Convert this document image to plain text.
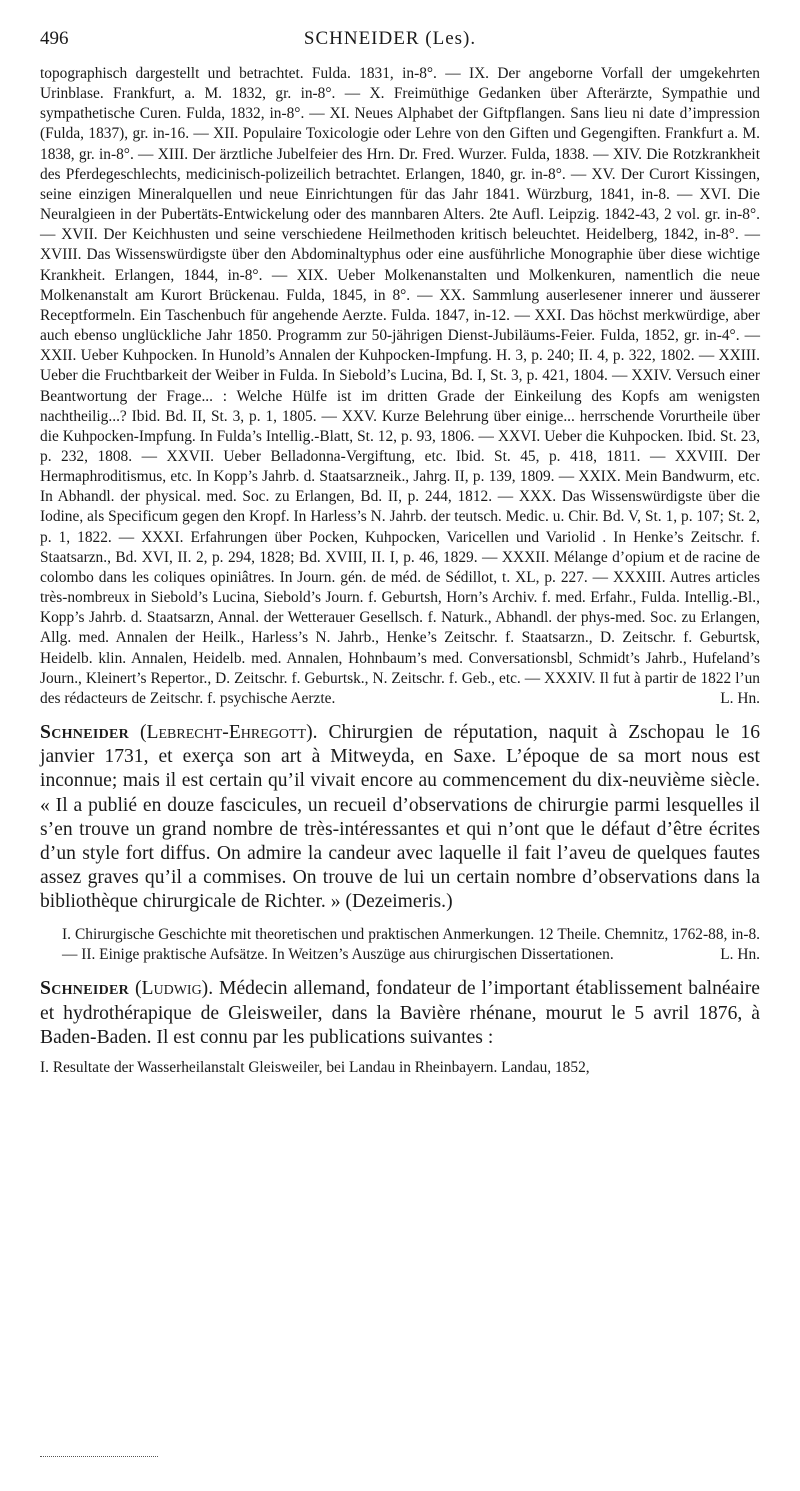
496	SCHNEIDER (Les).

topographisch dargestellt und betrachtet. Fulda. 1831, in-8°. — IX. Der angeborne Vorfall der umgekehrten Urinblase. Frankfurt, a. M. 1832, gr. in-8°. — X. Freimüthige Gedanken über Afterärzte, Sympathie und sympathetische Curen. Fulda, 1832, in-8°. — XI. Neues Alphabet der Giftpflangen. Sans lieu ni date d’impression (Fulda, 1837), gr. in-16. — XII. Populaire Toxicologie oder Lehre von den Giften und Gegengiften. Frankfurt a. M. 1838, gr. in-8°. — XIII. Der ärztliche Jubelfeier des Hrn. Dr. Fred. Wurzer. Fulda, 1838. — XIV. Die Rotzkrankheit des Pferdegeschlechts, medicinisch-polizeilich betrachtet. Erlangen, 1840, gr. in-8°. — XV. Der Curort Kissingen, seine einzigen Mineralquellen und neue Einrichtungen für das Jahr 1841. Würzburg, 1841, in-8. — XVI. Die Neuralgieen in der Pubertäts-Entwickelung oder des mannbaren Alters. 2te Aufl. Leipzig. 1842-43, 2 vol. gr. in-8°. — XVII. Der Keichhusten und seine verschiedene Heilmethoden kritisch beleuchtet. Heidelberg, 1842, in-8°. — XVIII. Das Wissenswürdigste über den Abdominaltyphus oder eine ausführliche Monographie über diese wichtige Krankheit. Erlangen, 1844, in-8°. — XIX. Ueber Molkenanstalten und Molkenkuren, namentlich die neue Molkenanstalt am Kurort Brückenau. Fulda, 1845, in 8°. — XX. Sammlung auserlesener innerer und äusserer Receptformeln. Ein Taschenbuch für angehende Aerzte. Fulda. 1847, in-12. — XXI. Das höchst merkwürdige, aber auch ebenso unglückliche Jahr 1850. Programm zur 50-jährigen Dienst-Jubiläums-Feier. Fulda, 1852, gr. in-4°. — XXII. Ueber Kuhpocken. In Hunold’s Annalen der Kuhpocken-Impfung. H. 3, p. 240; II. 4, p. 322, 1802. — XXIII. Ueber die Fruchtbarkeit der Weiber in Fulda. In Siebold’s Lucina, Bd. I, St. 3, p. 421, 1804. — XXIV. Versuch einer Beantwortung der Frage... : Welche Hülfe ist im dritten Grade der Einkeilung des Kopfs am wenigsten nachtheilig...? Ibid. Bd. II, St. 3, p. 1, 1805. — XXV. Kurze Belehrung über einige... herrschende Vorurtheile über die Kuhpocken-Impfung. In Fulda’s Intellig.-Blatt, St. 12, p. 93, 1806. — XXVI. Ueber die Kuhpocken. Ibid. St. 23, p. 232, 1808. — XXVII. Ueber Belladonna-Vergiftung, etc. Ibid. St. 45, p. 418, 1811. — XXVIII. Der Hermaphroditismus, etc. In Kopp’s Jahrb. d. Staatsarzneik., Jahrg. II, p. 139, 1809. — XXIX. Mein Bandwurm, etc. In Abhandl. der physical. med. Soc. zu Erlangen, Bd. II, p. 244, 1812. — XXX. Das Wissenswürdigste über die Iodine, als Specificum gegen den Kropf. In Harless’s N. Jahrb. der teutsch. Medic. u. Chir. Bd. V, St. 1, p. 107; St. 2, p. 1, 1822. — XXXI. Erfahrungen über Pocken, Kuhpocken, Varicellen und Variolid . In Henke’s Zeitschr. f. Staatsarzn., Bd. XVI, II. 2, p. 294, 1828; Bd. XVIII, II. I, p. 46, 1829. — XXXII. Mélange d’opium et de racine de colombo dans les coliques opiniâtres. In Journ. gén. de méd. de Sédillot, t. XL, p. 227. — XXXIII. Autres articles très-nombreux in Siebold’s Lucina, Siebold’s Journ. f. Geburtsh, Horn’s Archiv. f. med. Erfahr., Fulda. Intellig.-Bl., Kopp’s Jahrb. d. Staatsarzn, Annal. der Wetterauer Gesellsch. f. Naturk., Abhandl. der phys-med. Soc. zu Erlangen, Allg. med. Annalen der Heilk., Harless’s N. Jahrb., Henke’s Zeitschr. f. Staatsarzn., D. Zeitschr. f. Geburtsk, Heidelb. klin. Annalen, Heidelb. med. Annalen, Hohnbaum’s med. Conversationsbl, Schmidt’s Jahrb., Hufeland’s Journ., Kleinert’s Repertor., D. Zeitschr. f. Geburtsk., N. Zeitschr. f. Geb., etc. — XXXIV. Il fut à partir de 1822 l’un des rédacteurs de Zeitschr. f. psychische Aerzte.	L. Hn.

Schneider (Lebrecht-Ehregott). Chirurgien de réputation, naquit à Zschopau le 16 janvier 1731, et exerça son art à Mitweyda, en Saxe. L’époque de sa mort nous est inconnue; mais il est certain qu’il vivait encore au commencement du dix-neuvième siècle. « Il a publié en douze fascicules, un recueil d’observations de chirurgie parmi lesquelles il s’en trouve un grand nombre de très-intéressantes et qui n’ont que le défaut d’être écrites d’un style fort diffus. On admire la candeur avec laquelle il fait l’aveu de quelques fautes assez graves qu’il a commises. On trouve de lui un certain nombre d’observations dans la bibliothèque chirurgicale de Richter. » (Dezeimeris.)

I. Chirurgische Geschichte mit theoretischen und praktischen Anmerkungen. 12 Theile. Chemnitz, 1762-88, in-8. — II. Einige praktische Aufsätze. In Weitzen’s Auszüge aus chirurgischen Dissertationen.	L. Hn.

Schneider (Ludwig). Médecin allemand, fondateur de l’important établissement balnéaire et hydrothérapique de Gleisweiler, dans la Bavière rhénane, mourut le 5 avril 1876, à Baden-Baden. Il est connu par les publications suivantes :

I. Resultate der Wasserheilanstalt Gleisweiler, bei Landau in Rheinbayern. Landau, 1852,
